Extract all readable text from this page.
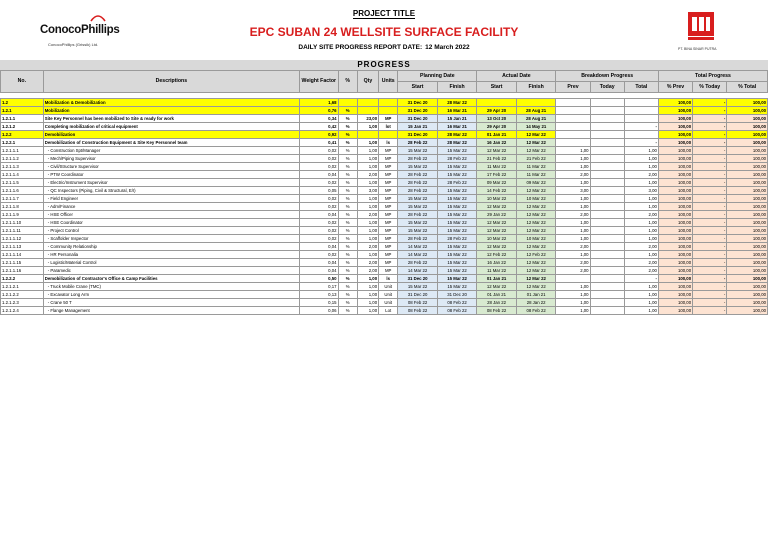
ConocoPhillips
ConocoPhillips (Grissik) Ltd.
PROJECT TITLE
EPC SUBAN 24 WELLSITE SURFACE FACILITY
DAILY SITE PROGRESS REPORT DATE: 12 March 2022	PT. BINA SINAR PUTRA
PROGRESS
No.	Descriptions	Weight Factor	%	Qty	Units	Planning Date		Actual Date		Breakdown Progress			Total Progress		
						Start	Finish	Start	Finish	Prev	Today	Total	% Prev	% Today	% Total

1.2	Mobilization & Demobilization	1,68				31 Dec 20	28 Mar 22						100,00	-	100,00
1.2.1	Mobilization	0,76	%			31 Dec 20	16 Mar 21	29 Apr 20	28 Aug 21				100,00	-	100,00
1.2.1.1	Site Key Personnel has been mobilized to Site & ready for work	0,34	%	23,00	MP	31 Dec 20	15 Jan 21	13 Oct 20	28 Aug 21				100,00	-	100,00
1.2.1.2	Completing mobilization of critical equipment	0,42	%	1,00	lot	15 Jan 21	16 Mar 21	29 Apr 20	14 May 21			-	100,00	-	100,00
1.2.2	Demobilization	0,92	%			31 Dec 20	28 Mar 22	01 Jan 21	12 Mar 22				100,00	-	100,00
1.2.2.1	Demobilization of Construction Equipment & Site Key Personnel team	0,41	%	1,00	ls	28 Feb 22	28 Mar 22	16 Jan 22	12 Mar 22			-	100,00	-	100,00
1.2.1.1.1	- Construction Spt/Manager	0,02	%	1,00	MP	15 Mar 22	15 Mar 22	12 Mar 22	12 Mar 22	1,00		1,00	100,00	-	100,00
1.2.1.1.2	- Mech/Piping Supervisor	0,02	%	1,00	MP	28 Feb 22	28 Feb 22	21 Feb 22	21 Feb 22	1,00		1,00	100,00	-	100,00
1.2.1.1.3	- Civil/Structure Supervisor	0,02	%	1,00	MP	15 Mar 22	15 Mar 22	11 Mar 22	11 Mar 22	1,00		1,00	100,00	-	100,00
1.2.1.1.4	- PTW Coordinator	0,04	%	2,00	MP	28 Feb 22	15 Mar 22	17 Feb 22	11 Mar 22	2,00		2,00	100,00	-	100,00
1.2.1.1.5	- Electric/Instrument Supervisor	0,02	%	1,00	MP	28 Feb 22	28 Feb 22	09 Mar 22	09 Mar 22	1,00		1,00	100,00	-	100,00
1.2.1.1.6	- QC Inspectors (Piping, Civil & Structural, E/I)	0,05	%	3,00	MP	28 Feb 22	15 Mar 22	14 Feb 22	12 Mar 22	3,00		3,00	100,00	-	100,00
1.2.1.1.7	- Field Engineer	0,02	%	1,00	MP	15 Mar 22	15 Mar 22	10 Mar 22	10 Mar 22	1,00		1,00	100,00	-	100,00
1.2.1.1.8	- Adm/Finance	0,02	%	1,00	MP	15 Mar 22	15 Mar 22	12 Mar 22	12 Mar 22	1,00		1,00	100,00	-	100,00
1.2.1.1.9	- HSE Officer	0,04	%	2,00	MP	28 Feb 22	15 Mar 22	29 Jan 22	12 Mar 22	2,00		2,00	100,00	-	100,00
1.2.1.1.10	- HSE Coordinator	0,02	%	1,00	MP	15 Mar 22	15 Mar 22	12 Mar 22	12 Mar 22	1,00		1,00	100,00	-	100,00
1.2.1.1.11	- Project Control	0,02	%	1,00	MP	15 Mar 22	15 Mar 22	12 Mar 22	12 Mar 22	1,00		1,00	100,00	-	100,00
1.2.1.1.12	- Scaffolder Inspector	0,02	%	1,00	MP	28 Feb 22	28 Feb 22	10 Mar 22	10 Mar 22	1,00		1,00	100,00	-	100,00
1.2.1.1.13	- Community Relationship	0,04	%	2,00	MP	14 Mar 22	15 Mar 22	12 Mar 22	12 Mar 22	2,00		2,00	100,00	-	100,00
1.2.1.1.14	- HR Personalia	0,02	%	1,00	MP	14 Mar 22	15 Mar 22	12 Feb 22	12 Feb 22	1,00		1,00	100,00	-	100,00
1.2.1.1.15	- Logistic/Material Control	0,04	%	2,00	MP	28 Feb 22	15 Mar 22	16 Jan 22	12 Mar 22	2,00		2,00	100,00	-	100,00
1.2.1.1.16	- Paramedic	0,04	%	2,00	MP	14 Mar 22	15 Mar 22	11 Mar 22	12 Mar 22	2,00		2,00	100,00	-	100,00
1.2.2.2	Demobilization of Contractor's Office & Camp Facilities	0,50	%	1,00	ls	31 Dec 20	15 Mar 22	01 Jan 21	12 Mar 22			-	100,00	-	100,00
1.2.1.2.1	- Truck Mobile Crane (TMC)	0,17	%	1,00	Unit	15 Mar 22	15 Mar 22	12 Mar 22	12 Mar 22	1,00		1,00	100,00	-	100,00
1.2.1.2.2	- Excavator Long Arm	0,13	%	1,00	Unit	31 Dec 20	31 Dec 20	01 Jan 21	01 Jan 21	1,00		1,00	100,00	-	100,00
1.2.1.2.3	- Crane 50 T	0,15	%	1,00	Unit	08 Feb 22	08 Feb 22	28 Jan 22	28 Jan 22	1,00		1,00	100,00	-	100,00
1.2.1.2.4	- Flange Management	0,06	%	1,00	Lot	08 Feb 22	08 Feb 22	08 Feb 22	08 Feb 22	1,00		1,00	100,00	-	100,00
